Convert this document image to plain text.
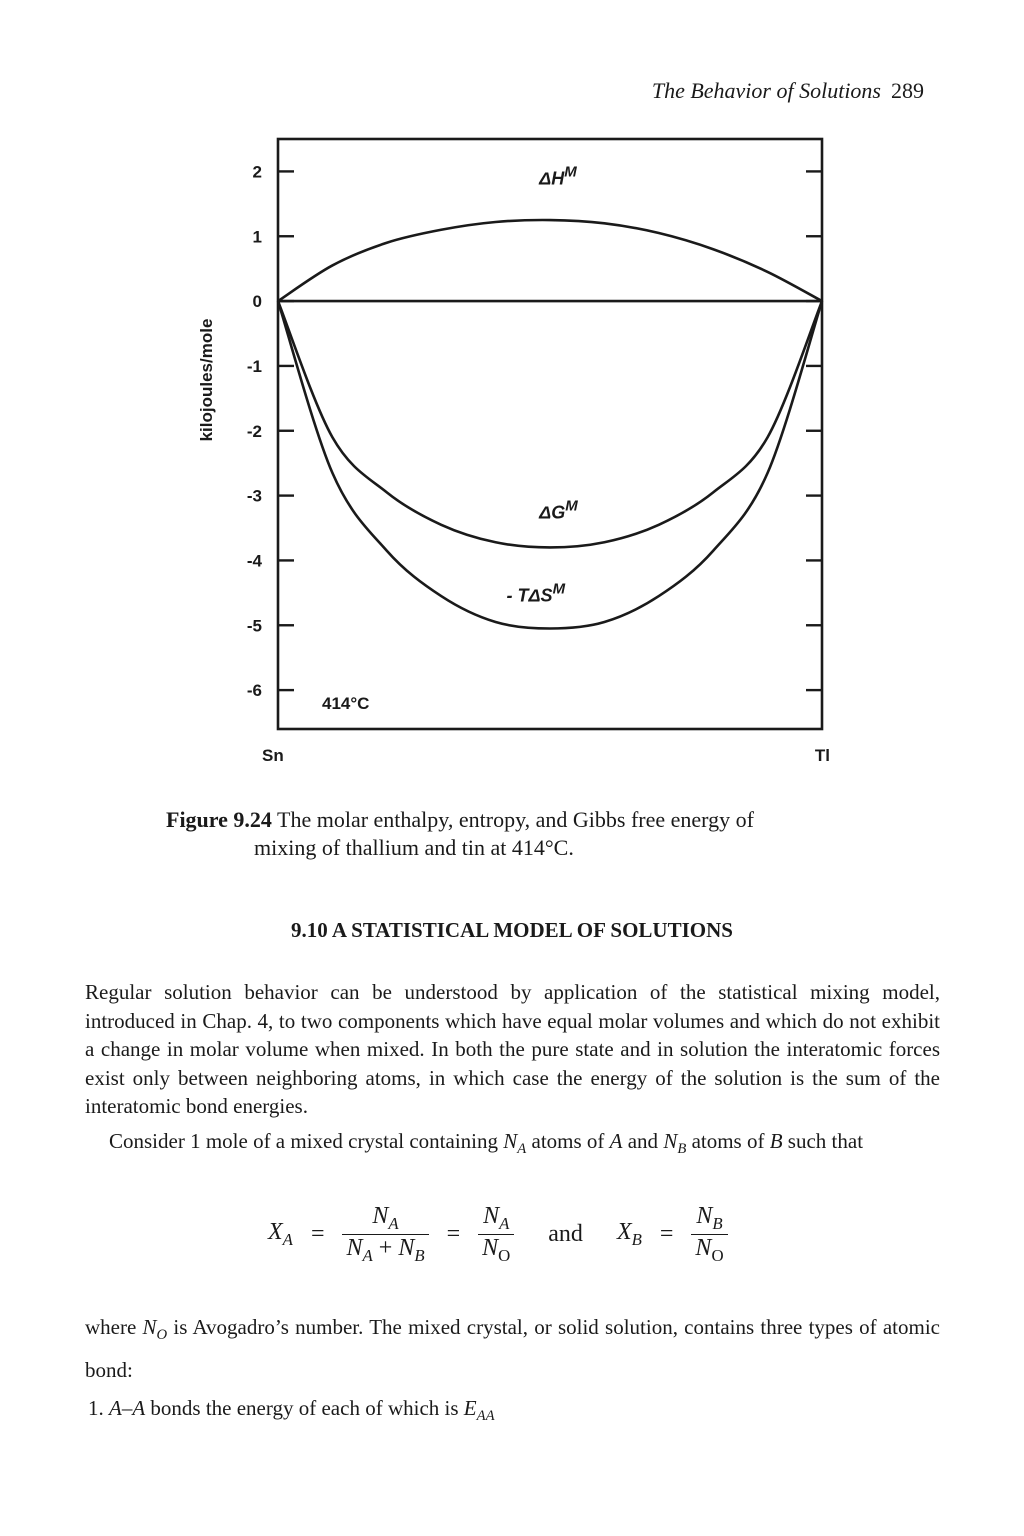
The Behavior of Solutions 289
2
1
0
-1
-2
-3
-4
-5
-6
Sn	Tl
kilojoules/mole
414°C
$\Delta H^M$
$\Delta G^M$
- $T\Delta S^M$
Figure 9.24 The molar enthalpy, entropy, and Gibbs free energy of
mixing of thallium and tin at 414°C.
9.10 A STATISTICAL MODEL OF SOLUTIONS
Regular solution behavior can be understood by application of the statistical mixing model, introduced in Chap. 4, to two components which have equal molar volumes and which do not exhibit a change in molar volume when mixed. In both the pure state and in solution the interatomic forces exist only between neighboring atoms, in which case the energy of the solution is the sum of the interatomic bond energies.
Consider 1 mole of a mixed crystal containing $N_A$ atoms of A and $N_B$ atoms of B such that
$X_A = \frac{N_A}{N_A + N_B} = \frac{N_A}{N_O}$ and $X_B = \frac{N_B}{N_O}$
where $N_O$ is Avogadro’s number. The mixed crystal, or solid solution, contains three types of atomic bond:
1. A–A bonds the energy of each of which is $E_{AA}$
